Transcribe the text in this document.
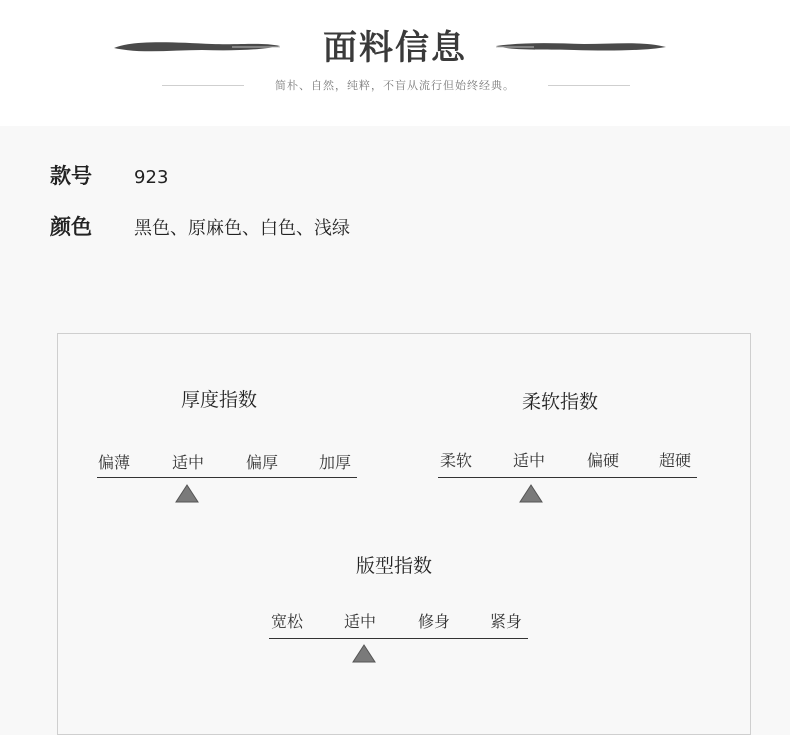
面料信息
简朴、自然，纯粹，不盲从流行但始终经典。
款号 923
颜色 黑色、原麻色、白色、浅绿
厚度指数
偏薄	适中	偏厚	加厚
柔软指数
柔软	适中	偏硬 超硬
版型指数
宽松	适中	修身 紧身
